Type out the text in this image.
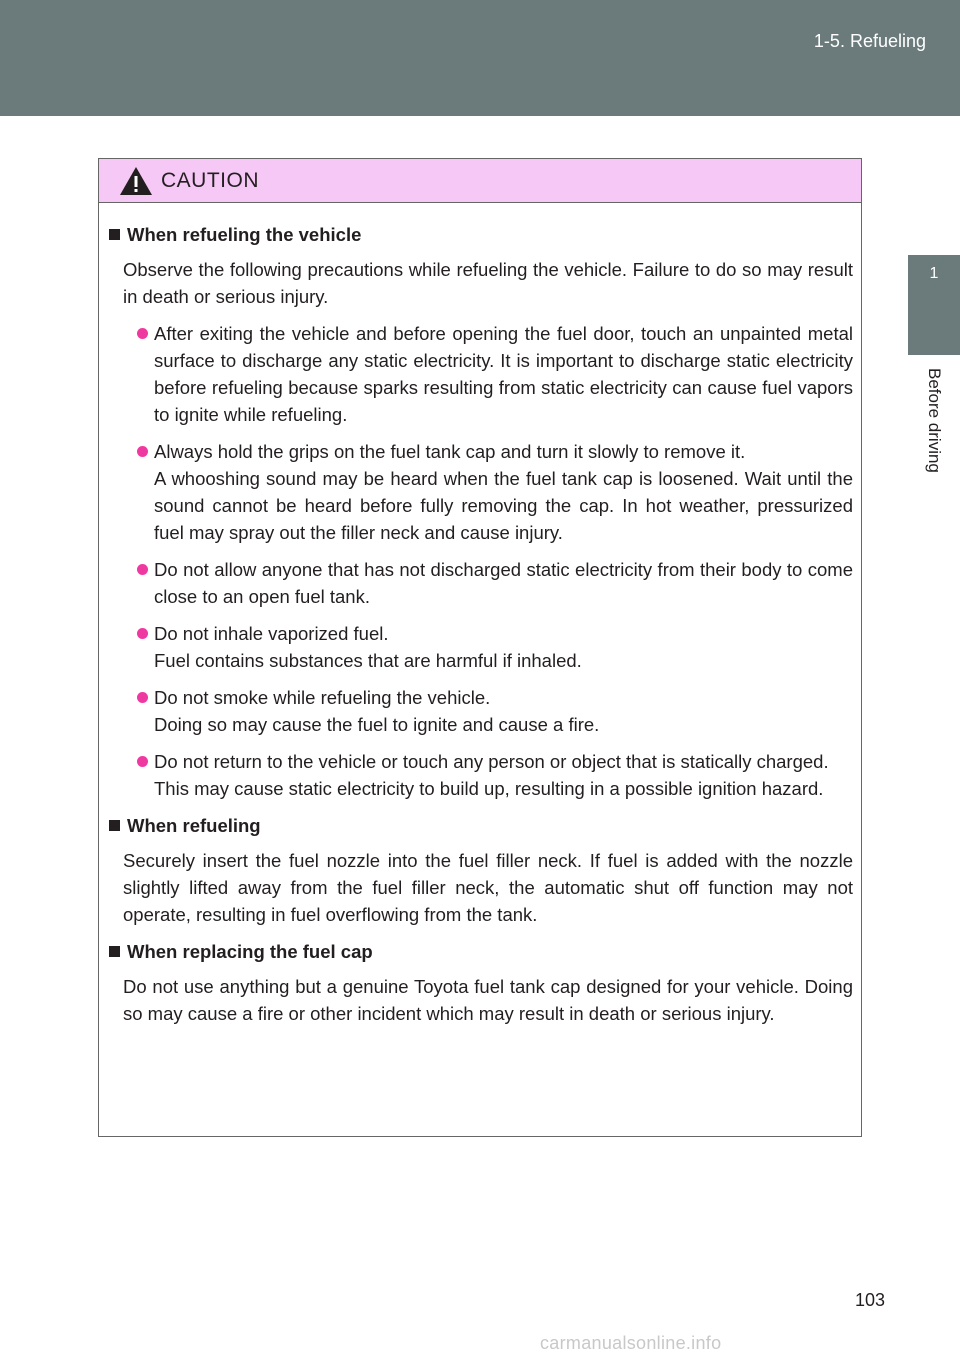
1-5. Refueling
1
Before driving
CAUTION
When refueling the vehicle
Observe the following precautions while refueling the vehicle. Failure to do so may result in death or serious injury.
After exiting the vehicle and before opening the fuel door, touch an unpainted metal surface to discharge any static electricity. It is important to discharge static electricity before refueling because sparks resulting from static electricity can cause fuel vapors to ignite while refueling.
Always hold the grips on the fuel tank cap and turn it slowly to remove it.
A whooshing sound may be heard when the fuel tank cap is loosened. Wait until the sound cannot be heard before fully removing the cap. In hot weather, pressurized fuel may spray out the filler neck and cause injury.
Do not allow anyone that has not discharged static electricity from their body to come close to an open fuel tank.
Do not inhale vaporized fuel.
Fuel contains substances that are harmful if inhaled.
Do not smoke while refueling the vehicle.
Doing so may cause the fuel to ignite and cause a fire.
Do not return to the vehicle or touch any person or object that is statically charged.
This may cause static electricity to build up, resulting in a possible ignition hazard.
When refueling
Securely insert the fuel nozzle into the fuel filler neck. If fuel is added with the nozzle slightly lifted away from the fuel filler neck, the automatic shut off function may not operate, resulting in fuel overflowing from the tank.
When replacing the fuel cap
Do not use anything but a genuine Toyota fuel tank cap designed for your vehicle. Doing so may cause a fire or other incident which may result in death or serious injury.
103
carmanualsonline.info
